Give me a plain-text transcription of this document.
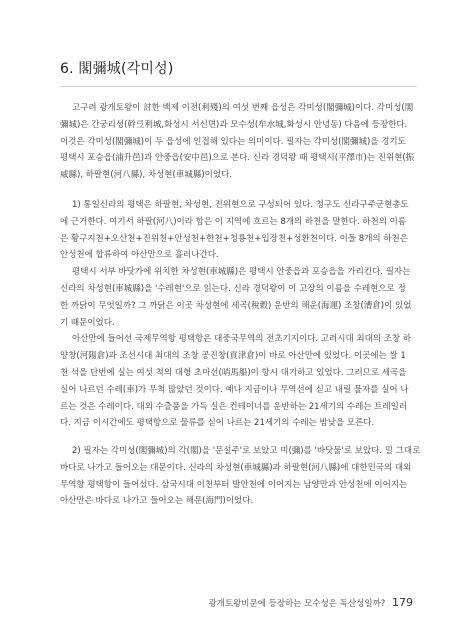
6. 閣彌城(각미성)
고구려 광개토왕이 討한 백제 이전(利殘)의 여섯 번째 읍성은 각미성(閣彌城)이다. 각미성(閣
彌城)은 간궁리성(幹弖利城,화성시 서신면)과 모수성(牟水城,화성시 안녕동) 다음에 등장한다.
이것은 각미성(閣彌城)이 두 읍성에 인접해 있다는 의미이다. 필자는 각미성(閣彌城)을 경기도
평택시 포승읍(浦升邑)과 안중읍(安中邑)으로 본다. 신라 경덕왕 때 평택시(平澤市)는 진위현(振
威縣), 하팔현(河八縣), 차성현(車城縣)이었다.
1) 통일신라의 평택은 하팔현, 차성현, 진위현으로 구성되어 있다. 청구도 신라구주군현총도
에 근거한다. 여기서 하팔(河八)이라 함은 이 지역에 흐르는 8개의 하천을 말한다. 하천의 이름
은 황구지천+오산천+진위천+안성천+한천+청룡천+입장천+성환천이다. 이들 8개의 하천은
안성천에 합류하여 아산만으로 흘러나간다.
평택시 서부 바닷가에 위치한 차성현(車城縣)은 평택시 안중읍과 포승읍을 가리킨다. 필자는
신라의 차성현(車城縣)을 '수레현'으로 읽는다. 신라 경덕왕이 이 고장의 이름을 수레현으로 정
한 까닭이 무엇일까? 그 까닭은 이곳 차성현에 세곡(稅穀) 운반의 해운(海運) 조창(漕倉)이 있었
기 때문이었다.
아산만에 들어선 국제무역항 평택항은 대중국무역의 전초기지이다. 고려시대 최대의 조창 하
양창(河陽倉)과 조선시대 최대의 조창 공진창(貢津倉)이 바로 아산만에 있었다. 이곳에는 쌀 1
천 석을 단번에 실는 여섯 척의 대형 초마선(哨馬船)이 항시 대기하고 있었다. 그러므로 세곡을
실어 나르던 수레(車)가 무척 많았던 것이다. 예나 지금이나 무역선에 싣고 내릴 물자를 실어 나
르는 것은 수레이다. 대외 수출품을 가득 실은 컨테이너를 운반하는 21세기의 수레는 트레일러
다. 지금 이시간에도 평택항으로 물류를 싣어 나르는 21세기의 수레는 밤낮을 모른다.
2) 필자는 각미성(閣彌城)의 각(閣)을 '문설주'로 보았고 미(彌)를 '바닷물'로 보았다. 밀 그대로
바다로 나가고 들어오는 대문이다. 신라의 차성현(車城縣)과 하팔현(河八縣)에 대한민국의 대외
무역항 평택항이 들어섰다. 삼국시대 이천부터 발안천에 이어지는 남양만과 안성천에 이어지는
아산만은 바다로 나가고 들어오는 해문(海門)이었다.
광개토왕비문에 등장하는 모수성은 독산성일까? 179
